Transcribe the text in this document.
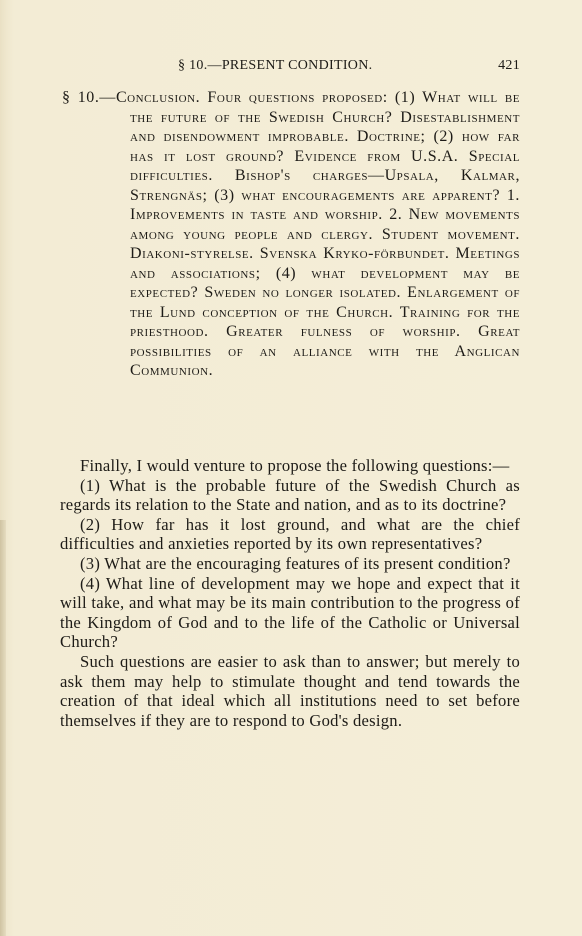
§ 10.—PRESENT CONDITION.	421
§ 10.—Conclusion. Four questions proposed: (1) What will be the future of the Swedish Church? Disestablishment and disendowment improbable. Doctrine; (2) how far has it lost ground? Evidence from U.S.A. Special difficulties. Bishop's charges—Upsala, Kalmar, Strengnäs; (3) what encouragements are apparent? 1. Improvements in taste and worship. 2. New movements among young people and clergy. Student movement. Diakoni-styrelse. Svenska Kryko-förbundet. Meetings and associations; (4) what development may be expected? Sweden no longer isolated. Enlargement of the Lund conception of the Church. Training for the priesthood. Greater fulness of worship. Great possibilities of an alliance with the Anglican Communion.

Finally, I would venture to propose the following questions:—

(1) What is the probable future of the Swedish Church as regards its relation to the State and nation, and as to its doctrine?

(2) How far has it lost ground, and what are the chief difficulties and anxieties reported by its own representatives?

(3) What are the encouraging features of its present condition?

(4) What line of development may we hope and expect that it will take, and what may be its main contribution to the progress of the Kingdom of God and to the life of the Catholic or Universal Church?

Such questions are easier to ask than to answer; but merely to ask them may help to stimulate thought and tend towards the creation of that ideal which all institutions need to set before themselves if they are to respond to God's design.
